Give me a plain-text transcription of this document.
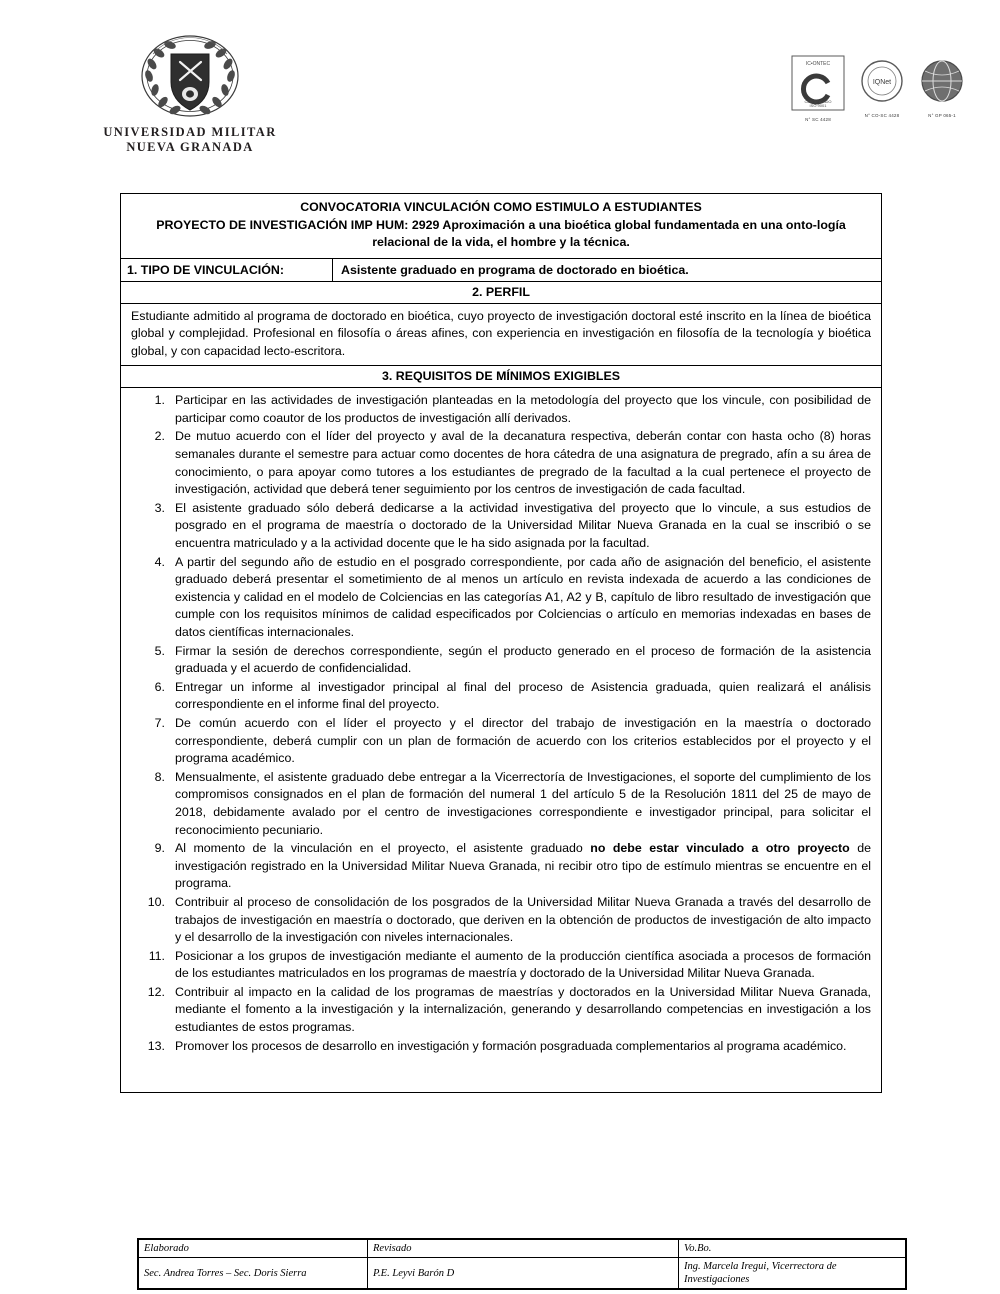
UNIVERSIDAD MILITAR
NUEVA GRANADA
IC•ONTEC
CERTIFICADO
ISO 9001
N° SC 4428
IQNet
N° CO-SC 4428	N° GP 065-1
CONVOCATORIA VINCULACIÓN COMO ESTIMULO A ESTUDIANTES
PROYECTO DE INVESTIGACIÓN IMP HUM: 2929 Aproximación a una bioética global fundamentada en una onto-logía
relacional de la vida, el hombre y la técnica.
1. TIPO DE VINCULACIÓN:	Asistente graduado en programa de doctorado en bioética.
2. PERFIL
Estudiante admitido al programa de doctorado en bioética, cuyo proyecto de investigación doctoral esté inscrito en la línea de bioética global y complejidad. Profesional en filosofía o áreas afines, con experiencia en investigación en filosofía de la tecnología y bioética global, y con capacidad lecto-escritora.
3. REQUISITOS DE MÍNIMOS EXIGIBLES
1. Participar en las actividades de investigación planteadas en la metodología del proyecto que los vincule, con posibilidad de participar como coautor de los productos de investigación allí derivados.
2. De mutuo acuerdo con el líder del proyecto y aval de la decanatura respectiva, deberán contar con hasta ocho (8) horas semanales durante el semestre para actuar como docentes de hora cátedra de una asignatura de pregrado, afín a su área de conocimiento, o para apoyar como tutores a los estudiantes de pregrado de la facultad a la cual pertenece el proyecto de investigación, actividad que deberá tener seguimiento por los centros de investigación de cada facultad.
3. El asistente graduado sólo deberá dedicarse a la actividad investigativa del proyecto que lo vincule, a sus estudios de posgrado en el programa de maestría o doctorado de la Universidad Militar Nueva Granada en la cual se inscribió o se encuentra matriculado y a la actividad docente que le ha sido asignada por la facultad.
4. A partir del segundo año de estudio en el posgrado correspondiente, por cada año de asignación del beneficio, el asistente graduado deberá presentar el sometimiento de al menos un artículo en revista indexada de acuerdo a las condiciones de existencia y calidad en el modelo de Colciencias en las categorías A1, A2 y B, capítulo de libro resultado de investigación que cumple con los requisitos mínimos de calidad especificados por Colciencias o artículo en memorias indexadas en bases de datos científicas internacionales.
5. Firmar la sesión de derechos correspondiente, según el producto generado en el proceso de formación de la asistencia graduada y el acuerdo de confidencialidad.
6. Entregar un informe al investigador principal al final del proceso de Asistencia graduada, quien realizará el análisis correspondiente en el informe final del proyecto.
7. De común acuerdo con el líder el proyecto y el director del trabajo de investigación en la maestría o doctorado correspondiente, deberá cumplir con un plan de formación de acuerdo con los criterios establecidos por el proyecto y el programa académico.
8. Mensualmente, el asistente graduado debe entregar a la Vicerrectoría de Investigaciones, el soporte del cumplimiento de los compromisos consignados en el plan de formación del numeral 1 del artículo 5 de la Resolución 1811 del 25 de mayo de 2018, debidamente avalado por el centro de investigaciones correspondiente e investigador principal, para solicitar el reconocimiento pecuniario.
9. Al momento de la vinculación en el proyecto, el asistente graduado no debe estar vinculado a otro proyecto de investigación registrado en la Universidad Militar Nueva Granada, ni recibir otro tipo de estímulo mientras se encuentre en el programa.
10. Contribuir al proceso de consolidación de los posgrados de la Universidad Militar Nueva Granada a través del desarrollo de trabajos de investigación en maestría o doctorado, que deriven en la obtención de productos de investigación de alto impacto y el desarrollo de la investigación con niveles internacionales.
11. Posicionar a los grupos de investigación mediante el aumento de la producción científica asociada a procesos de formación de los estudiantes matriculados en los programas de maestría y doctorado de la Universidad Militar Nueva Granada.
12. Contribuir al impacto en la calidad de los programas de maestrías y doctorados en la Universidad Militar Nueva Granada, mediante el fomento a la investigación y la internalización, generando y desarrollando competencias en investigación a los estudiantes de estos programas.
13. Promover los procesos de desarrollo en investigación y formación posgraduada complementarios al programa académico.
Elaborado	Revisado	Vo.Bo.
Sec. Andrea Torres – Sec. Doris Sierra	P.E. Leyvi Barón D	Ing. Marcela Iregui, Vicerrectora de Investigaciones
